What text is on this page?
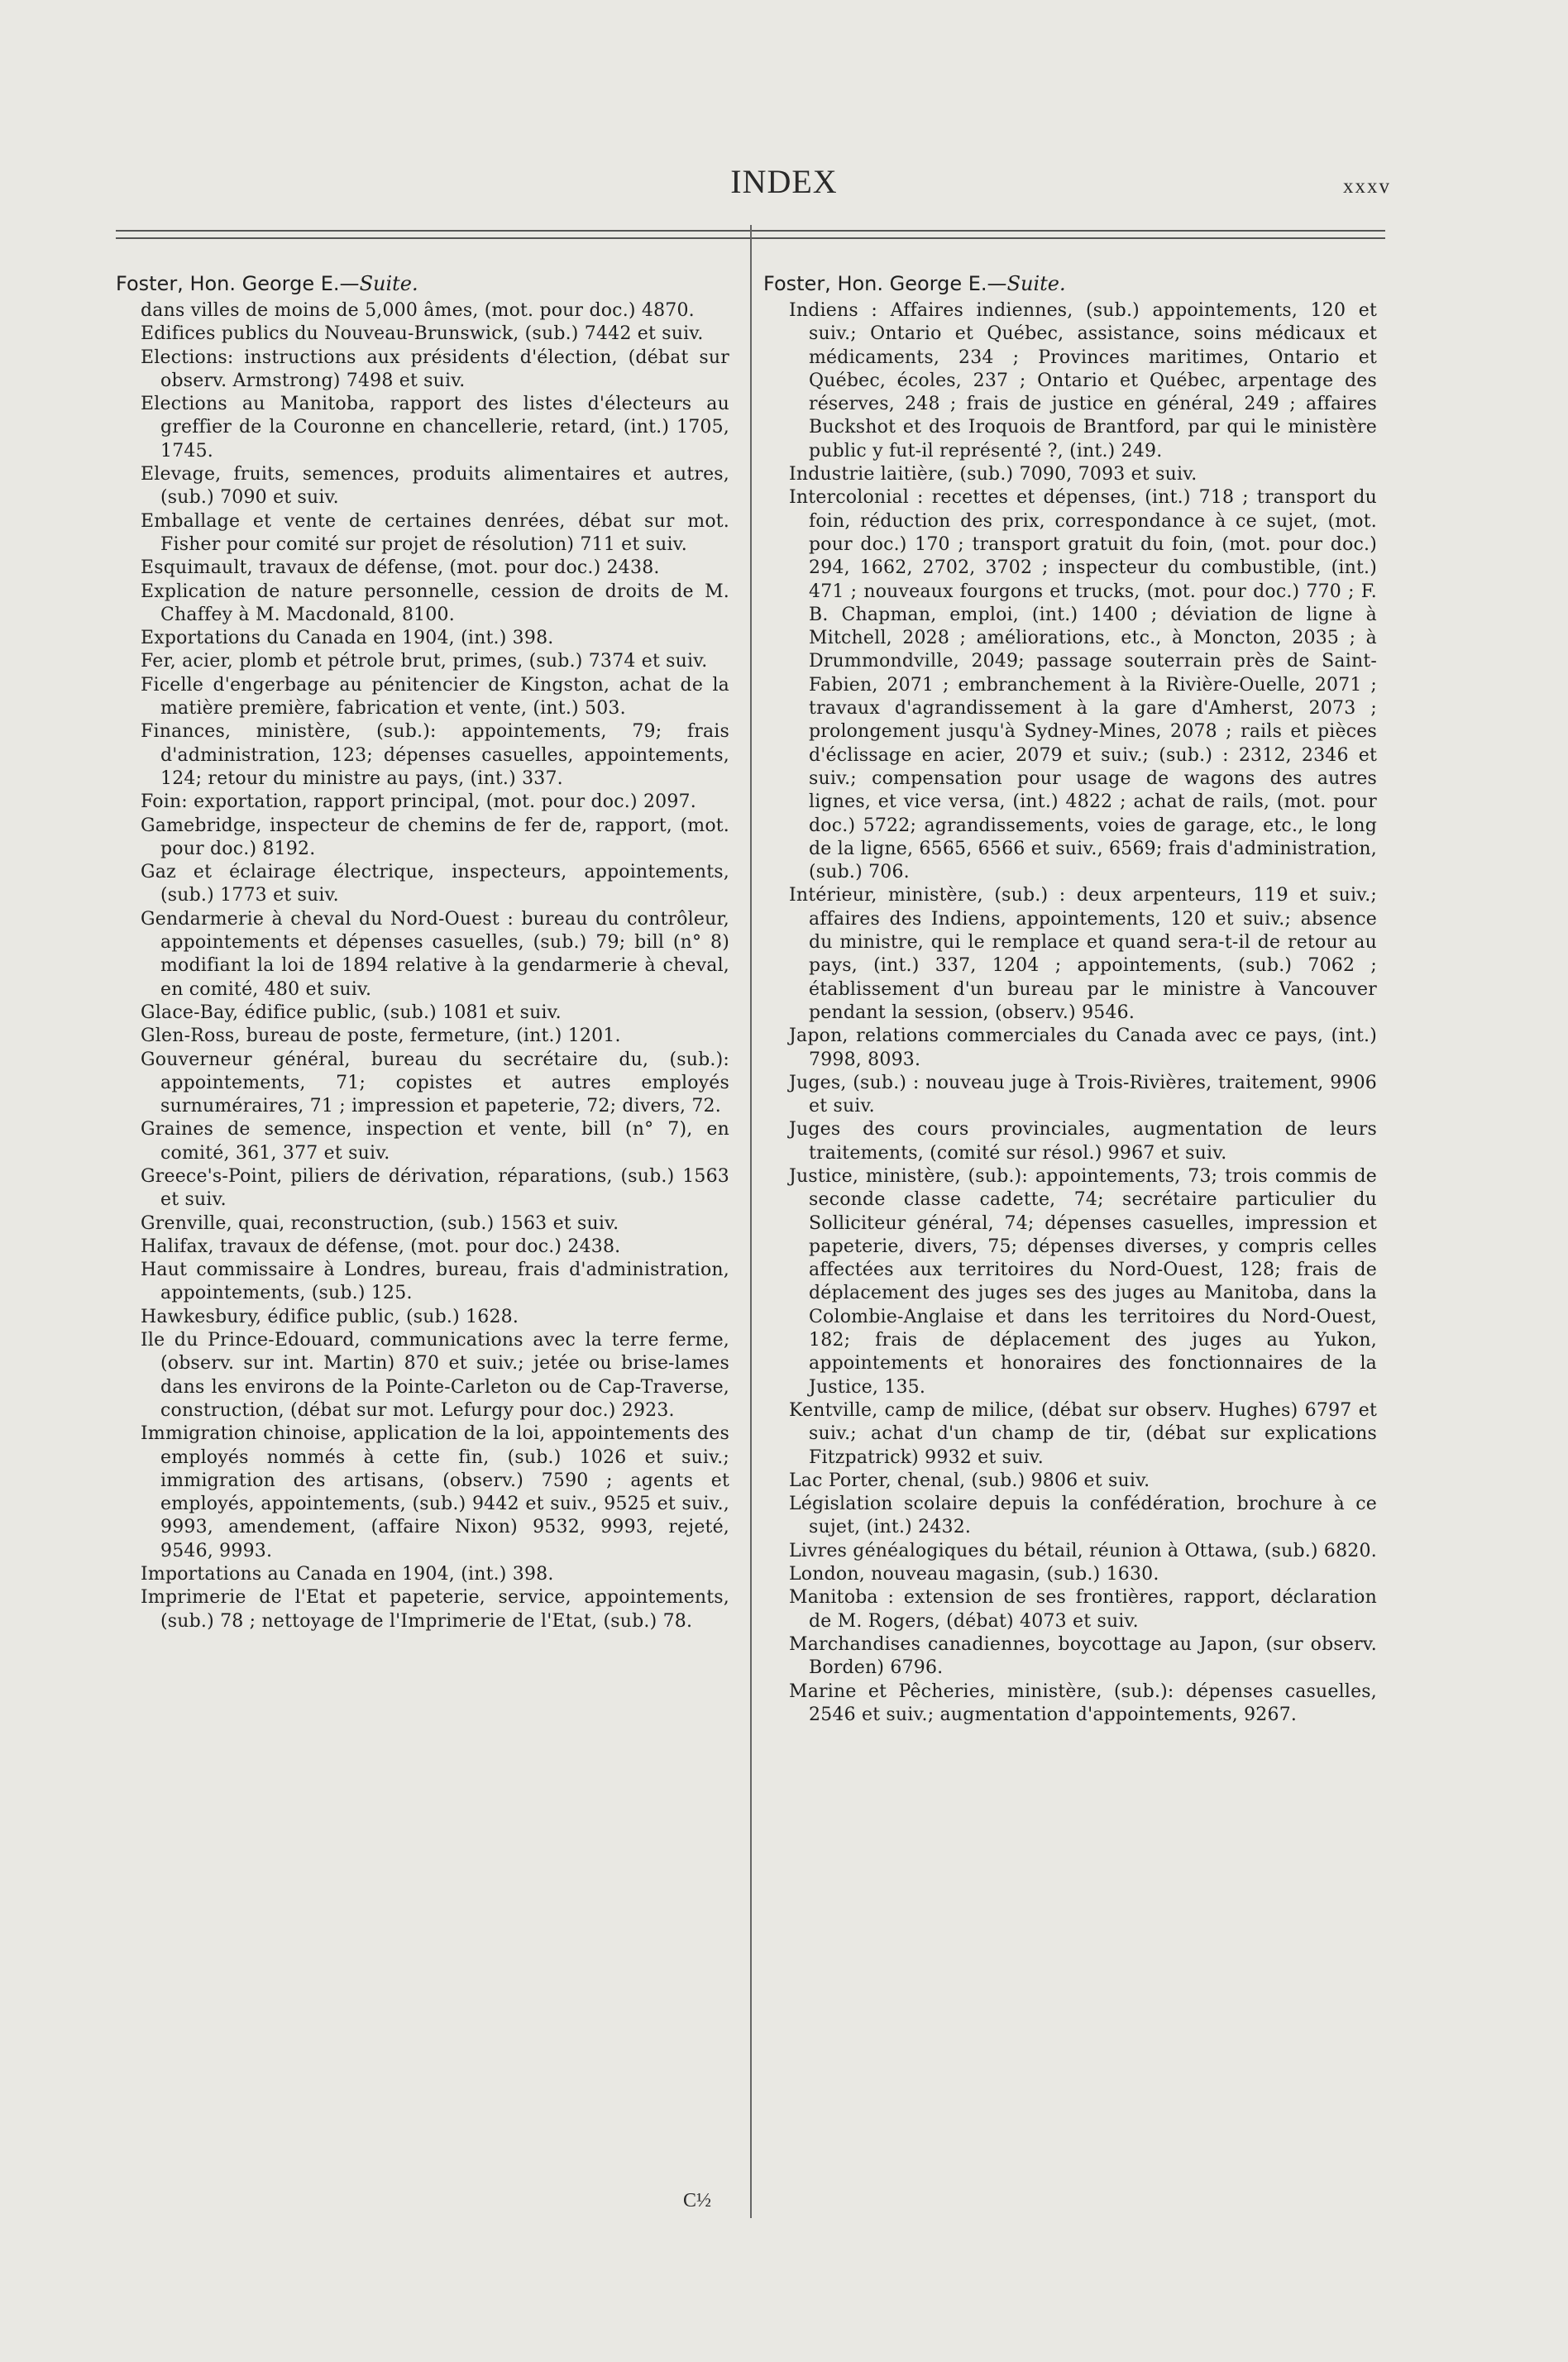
INDEX	xxxv
Foster, Hon. George E.—Suite.
dans villes de moins de 5,000 âmes, (mot. pour doc.) 4870.
Edifices publics du Nouveau-Brunswick, (sub.) 7442 et suiv.
Elections: instructions aux présidents d'élection, (débat sur observ. Armstrong) 7498 et suiv.
Elections au Manitoba, rapport des listes d'électeurs au greffier de la Couronne en chancellerie, retard, (int.) 1705, 1745.
Elevage, fruits, semences, produits alimentaires et autres, (sub.) 7090 et suiv.
Emballage et vente de certaines denrées, débat sur mot. Fisher pour comité sur projet de résolution) 711 et suiv.
Esquimault, travaux de défense, (mot. pour doc.) 2438.
Explication de nature personnelle, cession de droits de M. Chaffey à M. Macdonald, 8100.
Exportations du Canada en 1904, (int.) 398.
Fer, acier, plomb et pétrole brut, primes, (sub.) 7374 et suiv.
Ficelle d'engerbage au pénitencier de Kingston, achat de la matière première, fabrication et vente, (int.) 503.
Finances, ministère, (sub.): appointements, 79; frais d'administration, 123; dépenses casuelles, appointements, 124; retour du ministre au pays, (int.) 337.
Foin: exportation, rapport principal, (mot. pour doc.) 2097.
Gamebridge, inspecteur de chemins de fer de, rapport, (mot. pour doc.) 8192.
Gaz et éclairage électrique, inspecteurs, appointements, (sub.) 1773 et suiv.
Gendarmerie à cheval du Nord-Ouest : bureau du contrôleur, appointements et dépenses casuelles, (sub.) 79; bill (n° 8) modifiant la loi de 1894 relative à la gendarmerie à cheval, en comité, 480 et suiv.
Glace-Bay, édifice public, (sub.) 1081 et suiv.
Glen-Ross, bureau de poste, fermeture, (int.) 1201.
Gouverneur général, bureau du secrétaire du, (sub.): appointements, 71; copistes et autres employés surnuméraires, 71 ; impression et papeterie, 72; divers, 72.
Graines de semence, inspection et vente, bill (n° 7), en comité, 361, 377 et suiv.
Greece's-Point, piliers de dérivation, réparations, (sub.) 1563 et suiv.
Grenville, quai, reconstruction, (sub.) 1563 et suiv.
Halifax, travaux de défense, (mot. pour doc.) 2438.
Haut commissaire à Londres, bureau, frais d'administration, appointements, (sub.) 125.
Hawkesbury, édifice public, (sub.) 1628.
Ile du Prince-Edouard, communications avec la terre ferme, (observ. sur int. Martin) 870 et suiv.; jetée ou brise-lames dans les environs de la Pointe-Carleton ou de Cap-Traverse, construction, (débat sur mot. Lefurgy pour doc.) 2923.
Immigration chinoise, application de la loi, appointements des employés nommés à cette fin, (sub.) 1026 et suiv.; immigration des artisans, (observ.) 7590 ; agents et employés, appointements, (sub.) 9442 et suiv., 9525 et suiv., 9993, amendement, (affaire Nixon) 9532, 9993, rejeté, 9546, 9993.
Importations au Canada en 1904, (int.) 398.
Imprimerie de l'Etat et papeterie, service, appointements, (sub.) 78 ; nettoyage de l'Imprimerie de l'Etat, (sub.) 78.
Foster, Hon. George E.—Suite.
Indiens : Affaires indiennes, (sub.) appointements, 120 et suiv.; Ontario et Québec, assistance, soins médicaux et médicaments, 234 ; Provinces maritimes, Ontario et Québec, écoles, 237 ; Ontario et Québec, arpentage des réserves, 248 ; frais de justice en général, 249 ; affaires Buckshot et des Iroquois de Brantford, par qui le ministère publiс y fut-il représenté ?, (int.) 249.
Industrie laitière, (sub.) 7090, 7093 et suiv.
Intercolonial : recettes et dépenses, (int.) 718 ; transport du foin, réduction des prix, correspondance à ce sujet, (mot. pour doc.) 170 ; transport gratuit du foin, (mot. pour doc.) 294, 1662, 2702, 3702 ; inspecteur du combustible, (int.) 471 ; nouveaux fourgons et trucks, (mot. pour doc.) 770 ; F. B. Chapman, emploi, (int.) 1400 ; déviation de ligne à Mitchell, 2028 ; améliorations, etc., à Moncton, 2035 ; à Drummondville, 2049; passage souterrain près de Saint-Fabien, 2071 ; embranchement à la Rivière-Ouelle, 2071 ; travaux d'agrandissement à la gare d'Amherst, 2073 ; prolongement jusqu'à Sydney-Mines, 2078 ; rails et pièces d'éclissage en acier, 2079 et suiv.; (sub.) : 2312, 2346 et suiv.; compensation pour usage de wagons des autres lignes, et vice versa, (int.) 4822 ; achat de rails, (mot. pour doc.) 5722; agrandissements, voies de garage, etc., le long de la ligne, 6565, 6566 et suiv., 6569; frais d'administration, (sub.) 706.
Intérieur, ministère, (sub.) : deux arpenteurs, 119 et suiv.; affaires des Indiens, appointements, 120 et suiv.; absence du ministre, qui le remplace et quand sera-t-il de retour au pays, (int.) 337, 1204 ; appointements, (sub.) 7062 ; établissement d'un bureau par le ministre à Vancouver pendant la session, (observ.) 9546.
Japon, relations commerciales du Canada avec ce pays, (int.) 7998, 8093.
Juges, (sub.) : nouveau juge à Trois-Rivières, traitement, 9906 et suiv.
Juges des cours provinciales, augmentation de leurs traitements, (comité sur résol.) 9967 et suiv.
Justice, ministère, (sub.): appointements, 73; trois commis de seconde classe cadette, 74; secrétaire particulier du Solliciteur général, 74; dépenses casuelles, impression et papeterie, divers, 75; dépenses diverses, y compris celles affectées aux territoires du Nord-Ouest, 128; frais de déplacement des juges ses des juges au Manitoba, dans la Colombie-Anglaise et dans les territoires du Nord-Ouest, 182; frais de déplacement des juges au Yukon, appointements et honoraires des fonctionnaires de la Justice, 135.
Kentville, camp de milice, (débat sur observ. Hughes) 6797 et suiv.; achat d'un champ de tir, (débat sur explications Fitzpatrick) 9932 et suiv.
Lac Porter, chenal, (sub.) 9806 et suiv.
Législation scolaire depuis la confédération, brochure à ce sujet, (int.) 2432.
Livres généalogiques du bétail, réunion à Ottawa, (sub.) 6820.
London, nouveau magasin, (sub.) 1630.
Manitoba : extension de ses frontières, rapport, déclaration de M. Rogers, (débat) 4073 et suiv.
Marchandises canadiennes, boycottage au Japon, (sur observ. Borden) 6796.
Marine et Pêcheries, ministère, (sub.): dépenses casuelles, 2546 et suiv.; augmentation d'appointements, 9267.
C½
